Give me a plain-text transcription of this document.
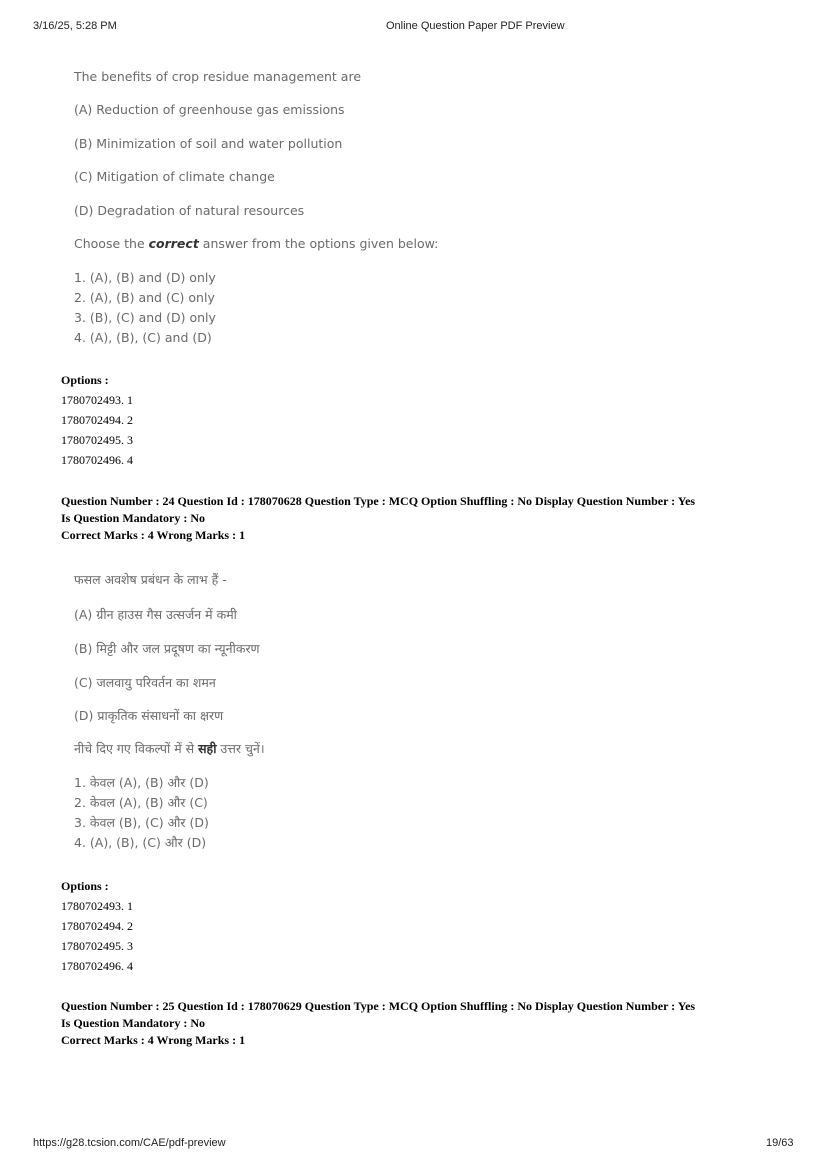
3/16/25, 5:28 PM	Online Question Paper PDF Preview
The benefits of crop residue management are
(A) Reduction of greenhouse gas emissions
(B) Minimization of soil and water pollution
(C) Mitigation of climate change
(D) Degradation of natural resources
Choose the correct answer from the options given below:
1. (A), (B) and (D) only
2. (A), (B) and (C) only
3. (B), (C) and (D) only
4. (A), (B), (C) and (D)
Options :
1780702493. 1
1780702494. 2
1780702495. 3
1780702496. 4
Question Number : 24 Question Id : 178070628 Question Type : MCQ Option Shuffling : No Display Question Number : Yes
Is Question Mandatory : No
Correct Marks : 4 Wrong Marks : 1
फसल अवशेष प्रबंधन के लाभ हैं -
(A) ग्रीन हाउस गैस उत्सर्जन में कमी
(B) मिट्टी और जल प्रदूषण का न्यूनीकरण
(C) जलवायु परिवर्तन का शमन
(D) प्राकृतिक संसाधनों का क्षरण
नीचे दिए गए विकल्पों में से सही उत्तर चुनें।
1. केवल (A), (B) और (D)
2. केवल (A), (B) और (C)
3. केवल (B), (C) और (D)
4. (A), (B), (C) और (D)
Options :
1780702493. 1
1780702494. 2
1780702495. 3
1780702496. 4
Question Number : 25 Question Id : 178070629 Question Type : MCQ Option Shuffling : No Display Question Number : Yes
Is Question Mandatory : No
Correct Marks : 4 Wrong Marks : 1
https://g28.tcsion.com/CAE/pdf-preview	19/63
